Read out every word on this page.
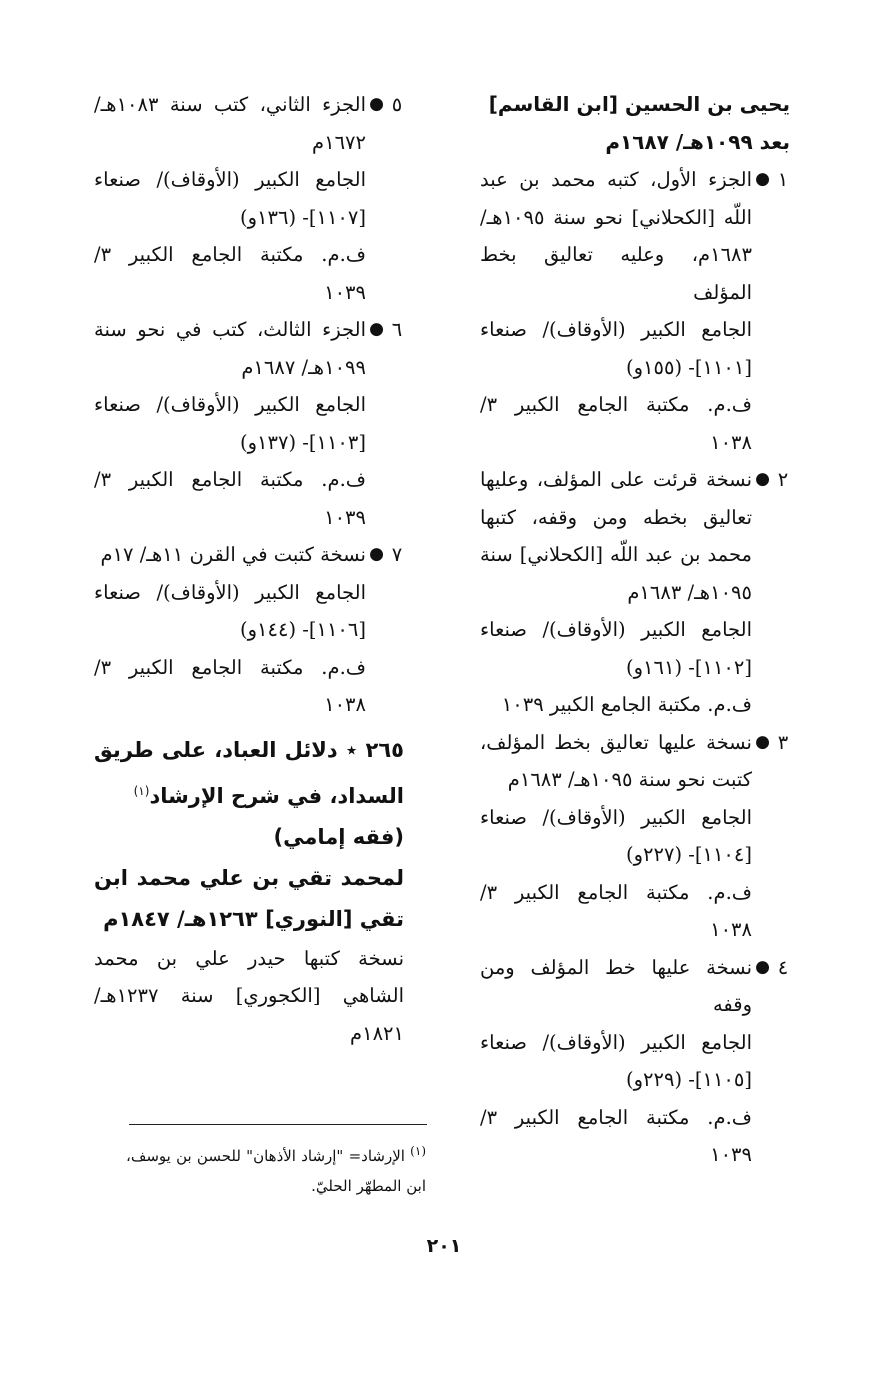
يحيى بن الحسين [ابن القاسم]
بعد ١٠٩٩هـ/ ١٦٨٧م
١
●
الجزء الأول، كتبه محمد بن عبد اللّه [الكحلاني] نحو سنة ١٠٩٥هـ/ ١٦٨٣م، وعليه تعاليق بخط المؤلف
الجامع الكبير (الأوقاف)/ صنعاء [١١٠١]- (١٥٥و)
ف.م. مكتبة الجامع الكبير ٣/ ١٠٣٨
٢
●
نسخة قرئت على المؤلف، وعليها تعاليق بخطه ومن وقفه، كتبها محمد بن عبد اللّه [الكحلاني] سنة ١٠٩٥هـ/ ١٦٨٣م
الجامع الكبير (الأوقاف)/ صنعاء [١١٠٢]- (١٦١و)
ف.م. مكتبة الجامع الكبير ١٠٣٩
٣
●
نسخة عليها تعاليق بخط المؤلف، كتبت نحو سنة ١٠٩٥هـ/ ١٦٨٣م
الجامع الكبير (الأوقاف)/ صنعاء [١١٠٤]- (٢٢٧و)
ف.م. مكتبة الجامع الكبير ٣/ ١٠٣٨
٤
●
نسخة عليها خط المؤلف ومن وقفه
الجامع الكبير (الأوقاف)/ صنعاء [١١٠٥]- (٢٢٩و)
ف.م. مكتبة الجامع الكبير ٣/ ١٠٣٩
٥
●
الجزء الثاني، كتب سنة ١٠٨٣هـ/ ١٦٧٢م
الجامع الكبير (الأوقاف)/ صنعاء [١١٠٧]- (١٣٦و)
ف.م. مكتبة الجامع الكبير ٣/ ١٠٣٩
٦
●
الجزء الثالث، كتب في نحو سنة ١٠٩٩هـ/ ١٦٨٧م
الجامع الكبير (الأوقاف)/ صنعاء [١١٠٣]- (١٣٧و)
ف.م. مكتبة الجامع الكبير ٣/ ١٠٣٩
٧
●
نسخة كتبت في القرن ١١هـ/ ١٧م
الجامع الكبير (الأوقاف)/ صنعاء [١١٠٦]- (١٤٤و)
ف.م. مكتبة الجامع الكبير ٣/ ١٠٣٨
٢٦٥ ٭ دلائل العباد، على طريق السداد، في شرح الإرشاد$^{(١)}$
(فقه إمامي)
لمحمد تقي بن علي محمد ابن تقي [النوري] ١٢٦٣هـ/ ١٨٤٧م
نسخة كتبها حيدر علي بن محمد الشاهي [الكجوري] سنة ١٢٣٧هـ/ ١٨٢١م
$^{(١)}$ الإرشاد= "إرشاد الأذهان" للحسن بن يوسف، ابن المطهّر الحليّ.
٢٠١
